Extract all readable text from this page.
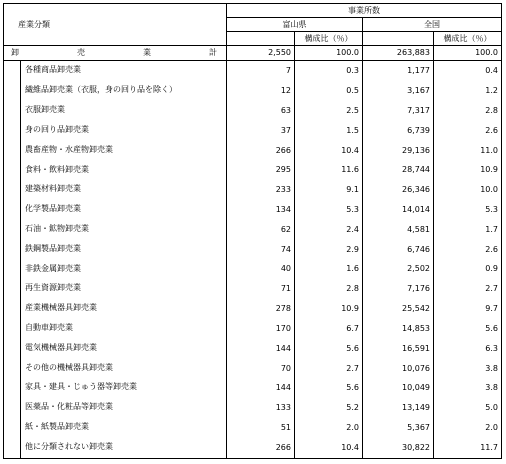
産業分類	事業所数			
	富山県		全国	
		構成比（％）		構成比（％）

卸 売 業 計	2,550	100.0	263,883	100.0

各種商品卸売業	7	0.3	1,177	0.4

繊維品卸売業（衣服，身の回り品を除く）	12	0.5	3,167	1.2

衣服卸売業	63	2.5	7,317	2.8

身の回り品卸売業	37	1.5	6,739	2.6

農畜産物・水産物卸売業	266	10.4	29,136	11.0

食料・飲料卸売業	295	11.6	28,744	10.9

建築材料卸売業	233	9.1	26,346	10.0

化学製品卸売業	134	5.3	14,014	5.3

石油・鉱物卸売業	62	2.4	4,581	1.7

鉄鋼製品卸売業	74	2.9	6,746	2.6

非鉄金属卸売業	40	1.6	2,502	0.9

再生資源卸売業	71	2.8	7,176	2.7

産業機械器具卸売業	278	10.9	25,542	9.7

自動車卸売業	170	6.7	14,853	5.6

電気機械器具卸売業	144	5.6	16,591	6.3

その他の機械器具卸売業	70	2.7	10,076	3.8

家具・建具・じゅう器等卸売業	144	5.6	10,049	3.8

医薬品・化粧品等卸売業	133	5.2	13,149	5.0

紙・紙製品卸売業	51	2.0	5,367	2.0

他に分類されない卸売業	266	10.4	30,822	11.7
